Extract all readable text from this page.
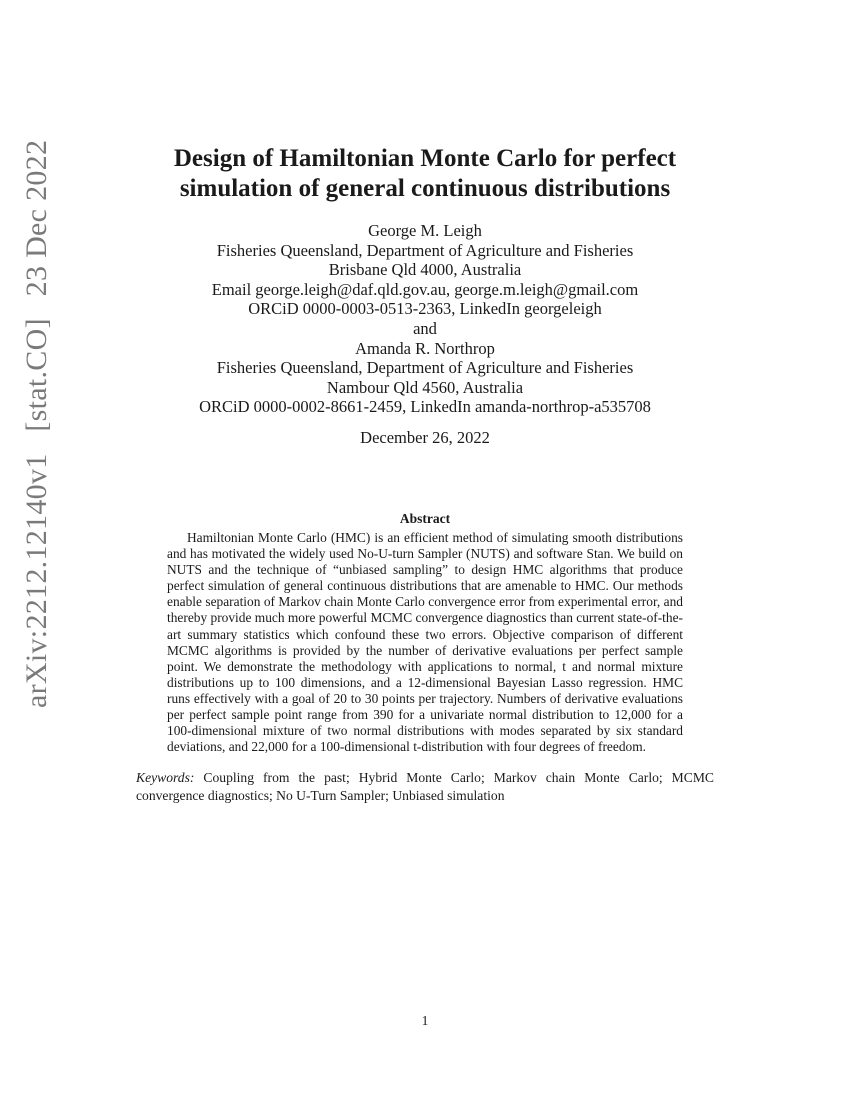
arXiv:2212.12140v1 [stat.CO] 23 Dec 2022	Design of Hamiltonian Monte Carlo for perfect
simulation of general continuous distributions
George M. Leigh
Fisheries Queensland, Department of Agriculture and Fisheries
Brisbane Qld 4000, Australia
Email george.leigh@daf.qld.gov.au, george.m.leigh@gmail.com
ORCiD 0000-0003-0513-2363, LinkedIn georgeleigh
and
Amanda R. Northrop
Fisheries Queensland, Department of Agriculture and Fisheries
Nambour Qld 4560, Australia
ORCiD 0000-0002-8661-2459, LinkedIn amanda-northrop-a535708
December 26, 2022
Abstract
Hamiltonian Monte Carlo (HMC) is an efficient method of simulating smooth distributions and has motivated the widely used No-U-turn Sampler (NUTS) and software Stan. We build on NUTS and the technique of “unbiased sampling” to design HMC algorithms that produce perfect simulation of general continuous distributions that are amenable to HMC. Our methods enable separation of Markov chain Monte Carlo convergence error from experimental error, and thereby provide much more powerful MCMC convergence diagnostics than current state-of-the-art summary statistics which confound these two errors. Objective comparison of different MCMC algorithms is provided by the number of derivative evaluations per perfect sample point. We demonstrate the methodology with applications to normal, t and normal mixture distributions up to 100 dimensions, and a 12-dimensional Bayesian Lasso regression. HMC runs effectively with a goal of 20 to 30 points per trajectory. Numbers of derivative evaluations per perfect sample point range from 390 for a univariate normal distribution to 12,000 for a 100-dimensional mixture of two normal distributions with modes separated by six standard deviations, and 22,000 for a 100-dimensional t-distribution with four degrees of freedom.
Keywords: Coupling from the past; Hybrid Monte Carlo; Markov chain Monte Carlo; MCMC convergence diagnostics; No U-Turn Sampler; Unbiased simulation
1
